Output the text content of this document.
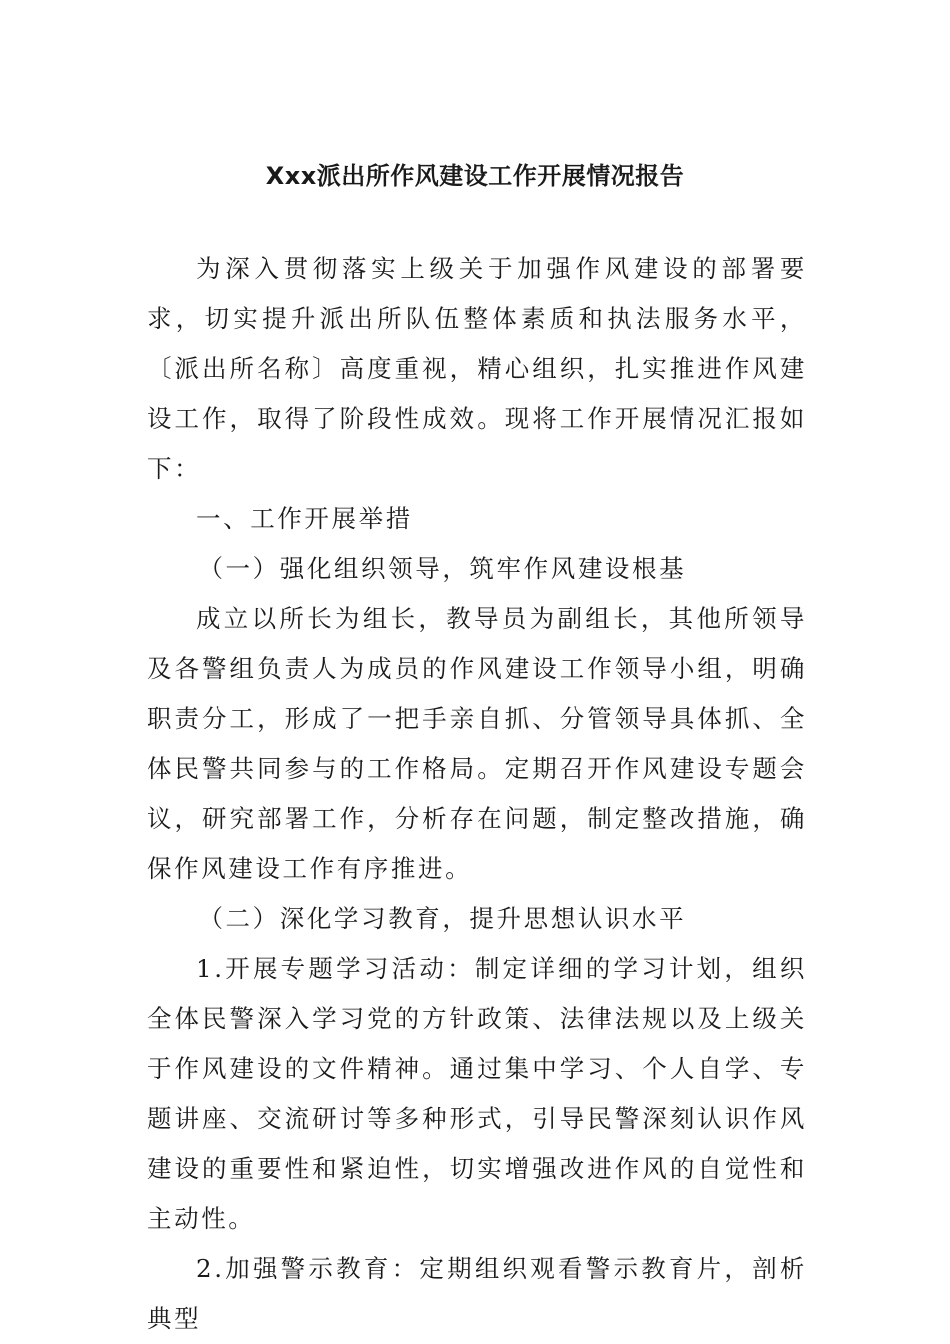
Xxx派出所作风建设工作开展情况报告

为深入贯彻落实上级关于加强作风建设的部署要求，切实提升派出所队伍整体素质和执法服务水平，〔派出所名称〕高度重视，精心组织，扎实推进作风建设工作，取得了阶段性成效。现将工作开展情况汇报如下：

一、工作开展举措

（一）强化组织领导，筑牢作风建设根基

成立以所长为组长，教导员为副组长，其他所领导及各警组负责人为成员的作风建设工作领导小组，明确职责分工，形成了一把手亲自抓、分管领导具体抓、全体民警共同参与的工作格局。定期召开作风建设专题会议，研究部署工作，分析存在问题，制定整改措施，确保作风建设工作有序推进。

（二）深化学习教育，提升思想认识水平

1.开展专题学习活动：制定详细的学习计划，组织全体民警深入学习党的方针政策、法律法规以及上级关于作风建设的文件精神。通过集中学习、个人自学、专题讲座、交流研讨等多种形式，引导民警深刻认识作风建设的重要性和紧迫性，切实增强改进作风的自觉性和主动性。

2.加强警示教育：定期组织观看警示教育片，剖析典型
